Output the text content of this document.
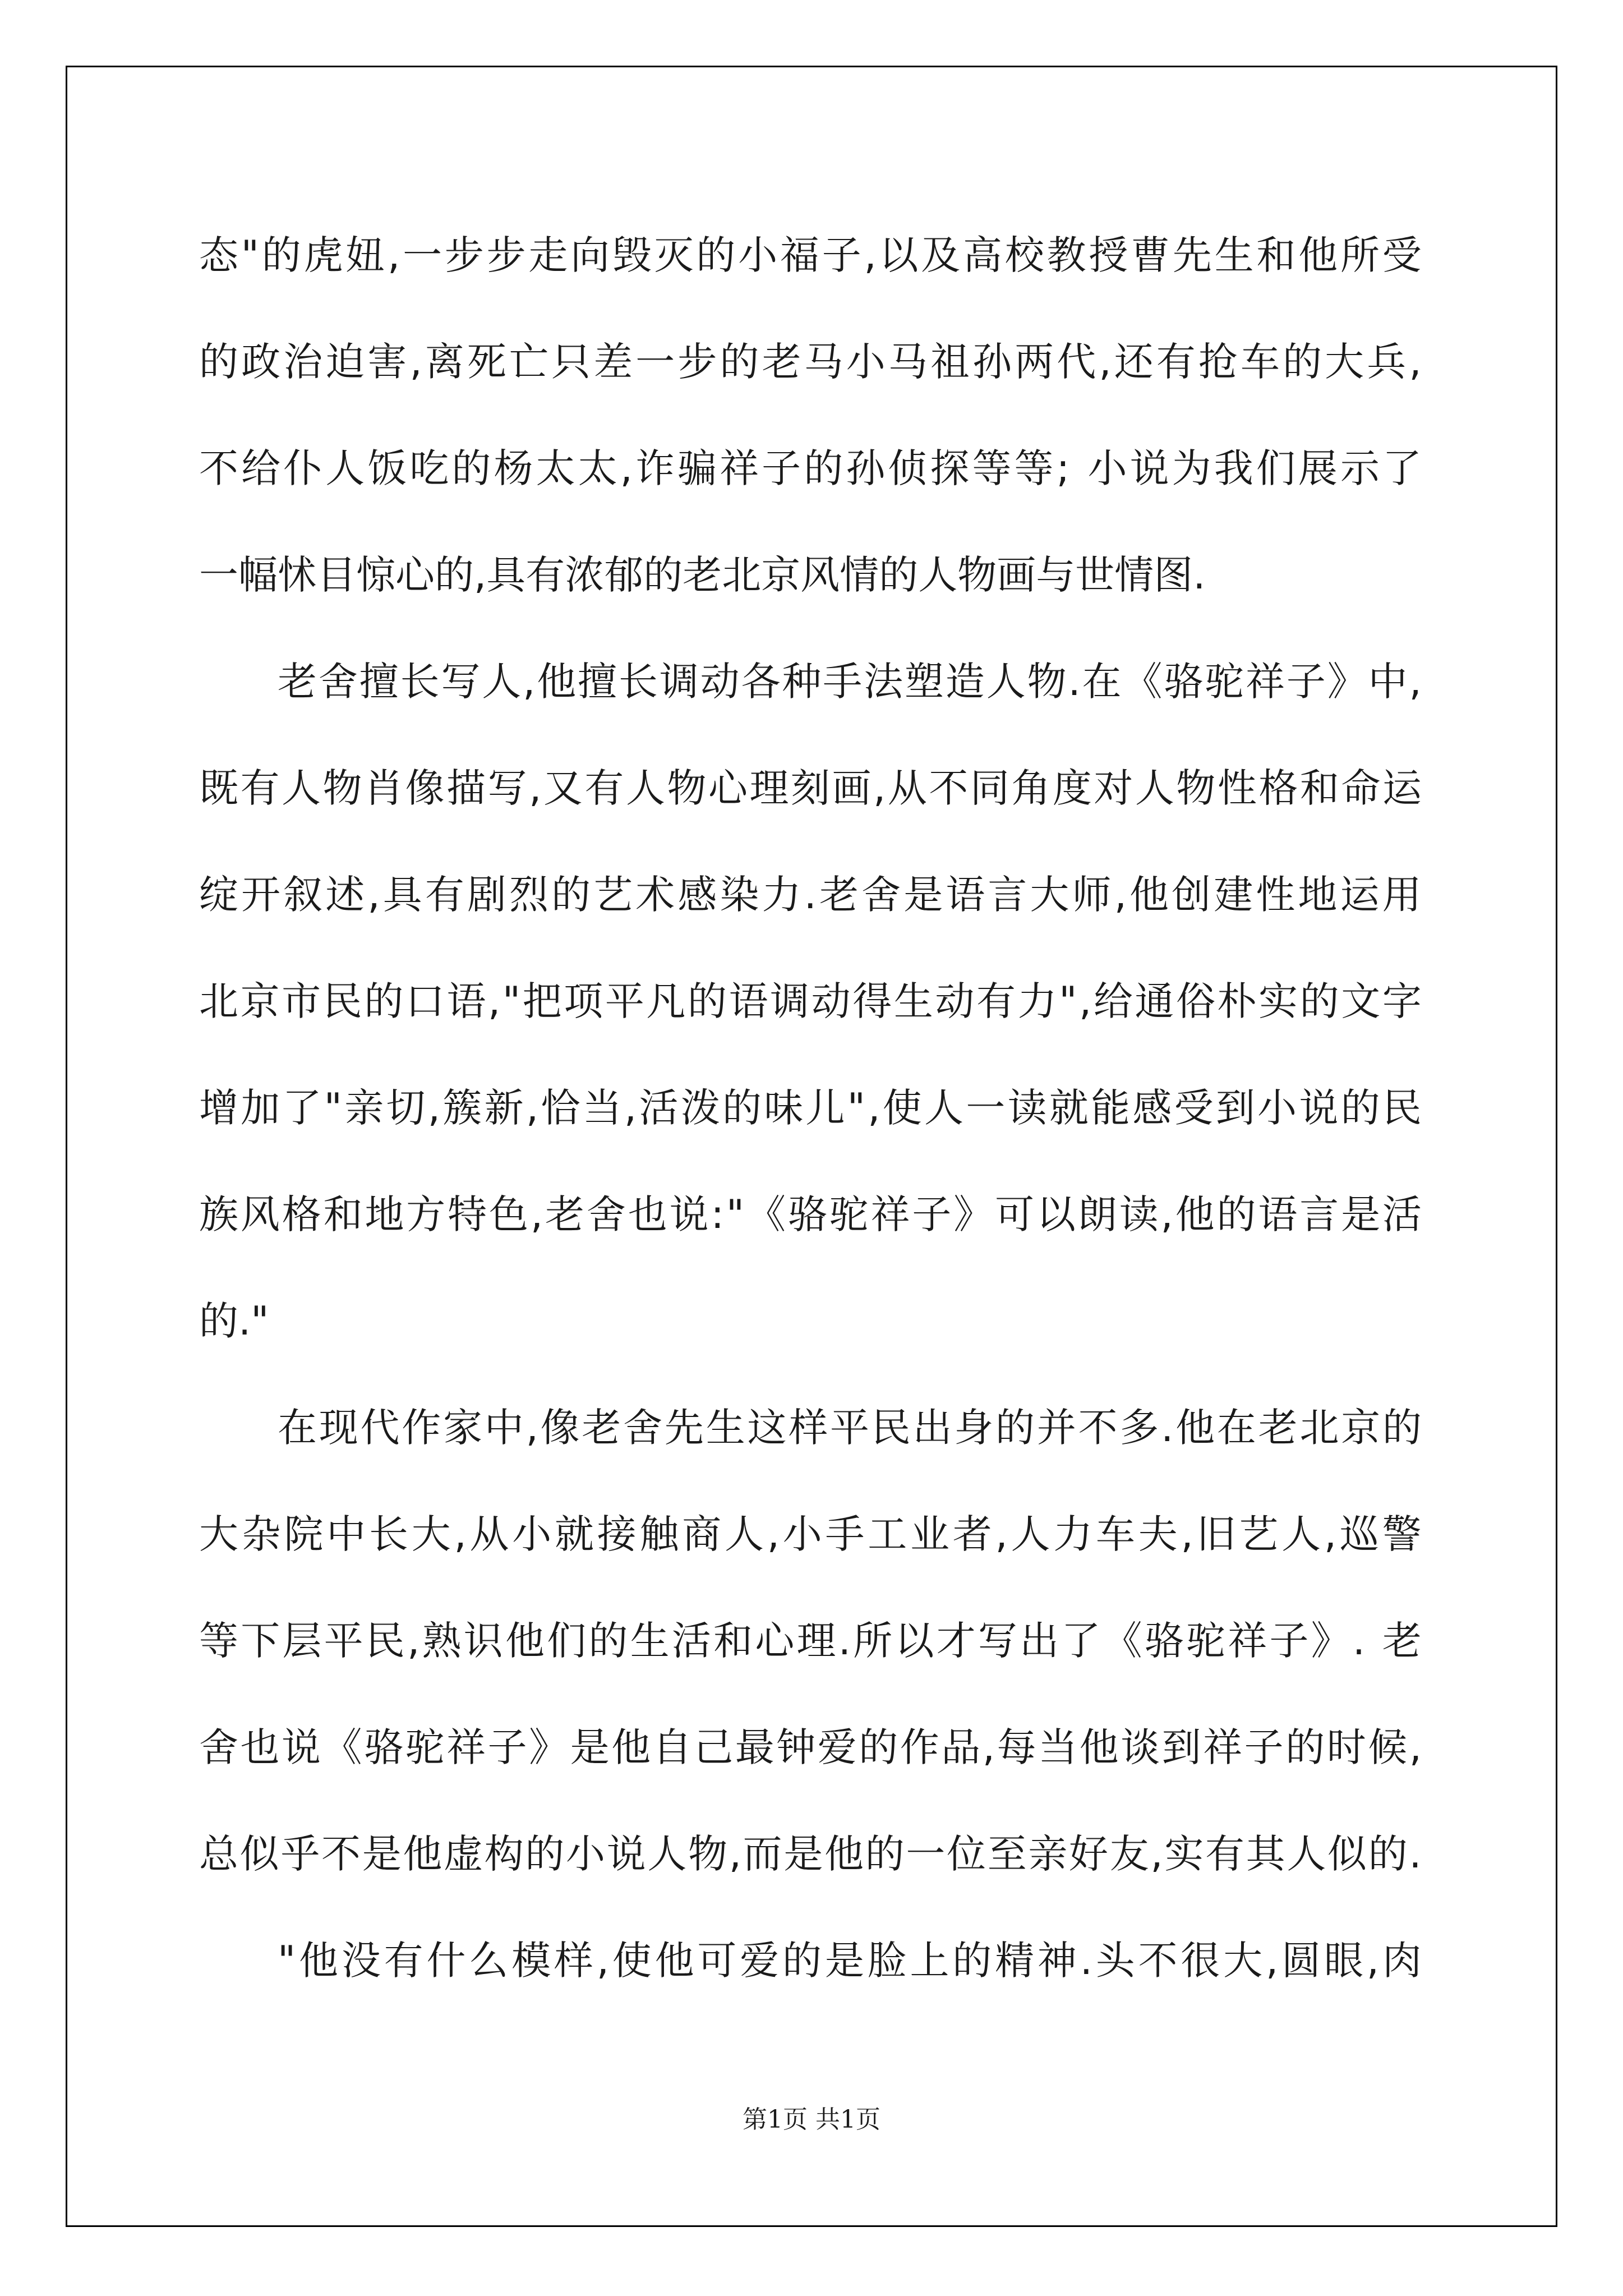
态 " 的 虎 妞 , 一 步 步 走 向 毁 灭 的 小 福 子 , 以 及 高 校 教 授 曹 先 生 和 他 所 受
的 政 治 迫 害 , 离 死 亡 只 差 一 步 的 老 马 小 马 祖 孙 两 代 , 还 有 抢 车 的 大 兵 ,
不 给 仆 人 饭 吃 的 杨 太 太 , 诈 骗 祥 子 的 孙 侦 探 等 等 ;
小 说 为 我 们 展 示 了
一幅怵目惊心的,具有浓郁的老北京风情的人物画与世情图.
老 舍 擅 长 写 人 , 他 擅 长 调 动 各 种 手 法 塑 造 人 物 . 在 《 骆 驼 祥 子 》 中 ,
既 有 人 物 肖 像 描 写 , 又 有 人 物 心 理 刻 画 , 从 不 同 角 度 对 人 物 性 格 和 命 运
绽 开 叙 述 , 具 有 剧 烈 的 艺 术 感 染 力 . 老 舍 是 语 言 大 师 , 他 创 建 性 地 运 用
北 京 市 民 的 口 语 , " 把 项 平 凡 的 语 调 动 得 生 动 有 力 " , 给 通 俗 朴 实 的 文 字
增 加 了 " 亲 切 , 簇 新 , 恰 当 , 活 泼 的 味 儿 " , 使 人 一 读 就 能 感 受 到 小 说 的 民
族 风 格 和 地 方 特 色 , 老 舍 也 说 : " 《 骆 驼 祥 子 》 可 以 朗 读 , 他 的 语 言 是 活
的."
在 现 代 作 家 中 , 像 老 舍 先 生 这 样 平 民 出 身 的 并 不 多 . 他 在 老 北 京 的
大 杂 院 中 长 大 , 从 小 就 接 触 商 人 , 小 手 工 业 者 , 人 力 车 夫 , 旧 艺 人 , 巡 警
等 下 层 平 民 , 熟 识 他 们 的 生 活 和 心 理 . 所 以 才 写 出 了 《 骆 驼 祥 子 》 .
老
舍 也 说 《 骆 驼 祥 子 》 是 他 自 己 最 钟 爱 的 作 品 , 每 当 他 谈 到 祥 子 的 时 候 ,
总 似 乎 不 是 他 虚 构 的 小 说 人 物 , 而 是 他 的 一 位 至 亲 好 友 , 实 有 其 人 似 的 .
" 他 没 有 什 么 模 样 , 使 他 可 爱 的 是 脸 上 的 精 神 . 头 不 很 大 , 圆 眼 , 肉
第1页 共1页
